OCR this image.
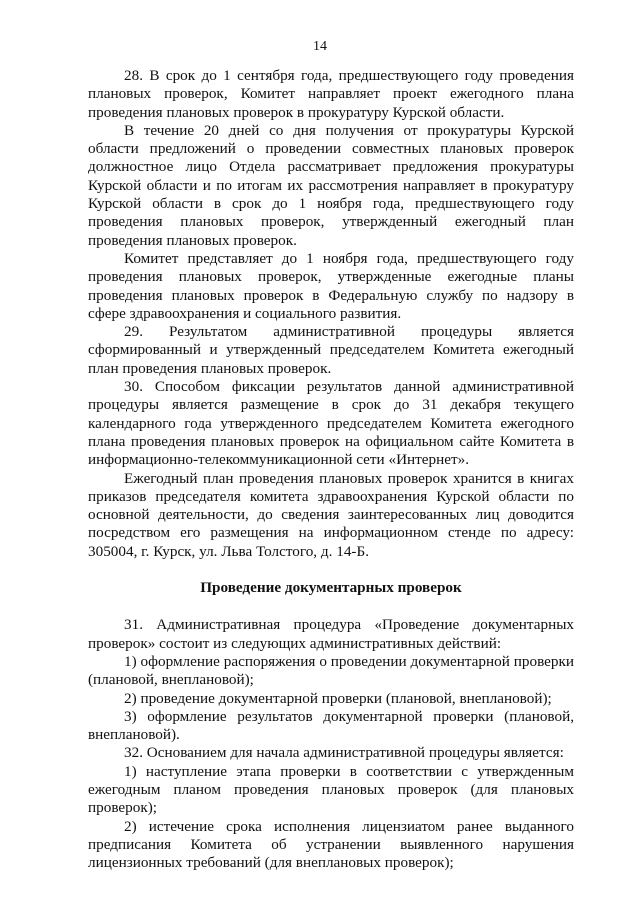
14

28. В срок до 1 сентября года, предшествующего году проведения плановых проверок, Комитет направляет проект ежегодного плана проведения плановых проверок в прокуратуру Курской области.

В течение 20 дней со дня получения от прокуратуры Курской области предложений о проведении совместных плановых проверок должностное лицо Отдела рассматривает предложения прокуратуры Курской области и по итогам их рассмотрения направляет в прокуратуру Курской области в срок до 1 ноября года, предшествующего году проведения плановых проверок, утвержденный ежегодный план проведения плановых проверок.

Комитет представляет до 1 ноября года, предшествующего году проведения плановых проверок, утвержденные ежегодные планы проведения плановых проверок в Федеральную службу по надзору в сфере здравоохранения и социального развития.

29. Результатом административной процедуры является сформированный и утвержденный председателем Комитета ежегодный план проведения плановых проверок.

30. Способом фиксации результатов данной административной процедуры является размещение в срок до 31 декабря текущего календарного года утвержденного председателем Комитета ежегодного плана проведения плановых проверок на официальном сайте Комитета в информационно-телекоммуникационной сети «Интернет».

Ежегодный план проведения плановых проверок хранится в книгах приказов председателя комитета здравоохранения Курской области по основной деятельности, до сведения заинтересованных лиц доводится посредством его размещения на информационном стенде по адресу: 305004, г. Курск, ул. Льва Толстого, д. 14-Б.

Проведение документарных проверок

31. Административная процедура «Проведение документарных проверок» состоит из следующих административных действий:

1) оформление распоряжения о проведении документарной проверки (плановой, внеплановой);

2) проведение документарной проверки (плановой, внеплановой);

3) оформление результатов документарной проверки (плановой, внеплановой).

32. Основанием для начала административной процедуры является:

1) наступление этапа проверки в соответствии с утвержденным ежегодным планом проведения плановых проверок (для плановых проверок);

2) истечение срока исполнения лицензиатом ранее выданного предписания Комитета об устранении выявленного нарушения лицензионных требований (для внеплановых проверок);
